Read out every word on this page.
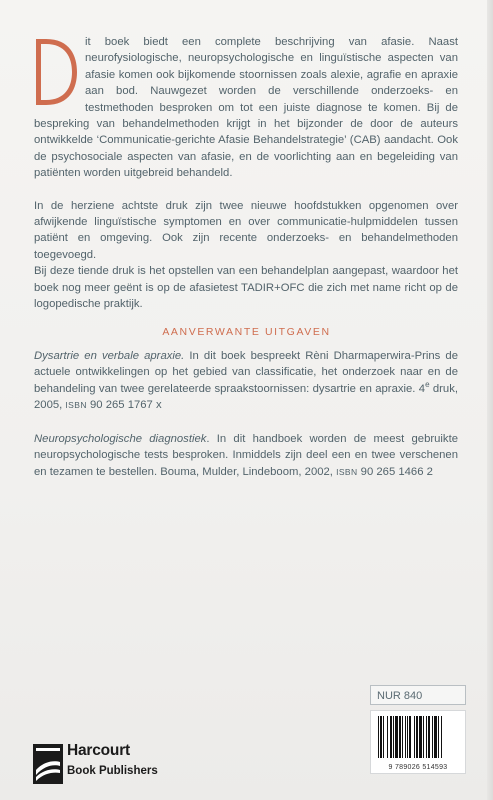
it boek biedt een complete beschrijving van afasie. Naast neurofysiologische, neuropsychologische en linguïstische aspecten van afasie komen ook bijkomende stoornissen zoals alexie, agrafie en apraxie aan bod. Nauwgezet worden de verschillende onderzoeks- en testmethoden besproken om tot een juiste diagnose te komen. Bij de bespreking van behandelmethoden krijgt in het bijzonder de door de auteurs ontwikkelde ‘Communicatie-gerichte Afasie Behandelstrategie’ (CAB) aandacht. Ook de psychosociale aspecten van afasie, en de voorlichting aan en begeleiding van patiënten worden uitgebreid behandeld.

In de herziene achtste druk zijn twee nieuwe hoofdstukken opgenomen over afwijkende linguïstische symptomen en over communicatie-hulpmiddelen tussen patiënt en omgeving. Ook zijn recente onderzoeks- en behandelmethoden toegevoegd.

Bij deze tiende druk is het opstellen van een behandelplan aangepast, waardoor het boek nog meer geënt is op de afasietest TADIR+OFC die zich met name richt op de logopedische praktijk.

AANVERWANTE UITGAVEN
Dysartrie en verbale apraxie. In dit boek bespreekt Rèni Dharmaperwira-Prins de actuele ontwikkelingen op het gebied van classificatie, het onderzoek naar en de behandeling van twee gerelateerde spraakstoornissen: dysartrie en apraxie. 4e druk, 2005, ISBN 90 265 1767 x
Neuropsychologische diagnostiek. In dit handboek worden de meest gebruikte neuropsychologische tests besproken. Inmiddels zijn deel een en twee verschenen en tezamen te bestellen. Bouma, Mulder, Lindeboom, 2002, ISBN 90 265 1466 2
NUR 840
9 789026 514593
Harcourt
Book Publishers
